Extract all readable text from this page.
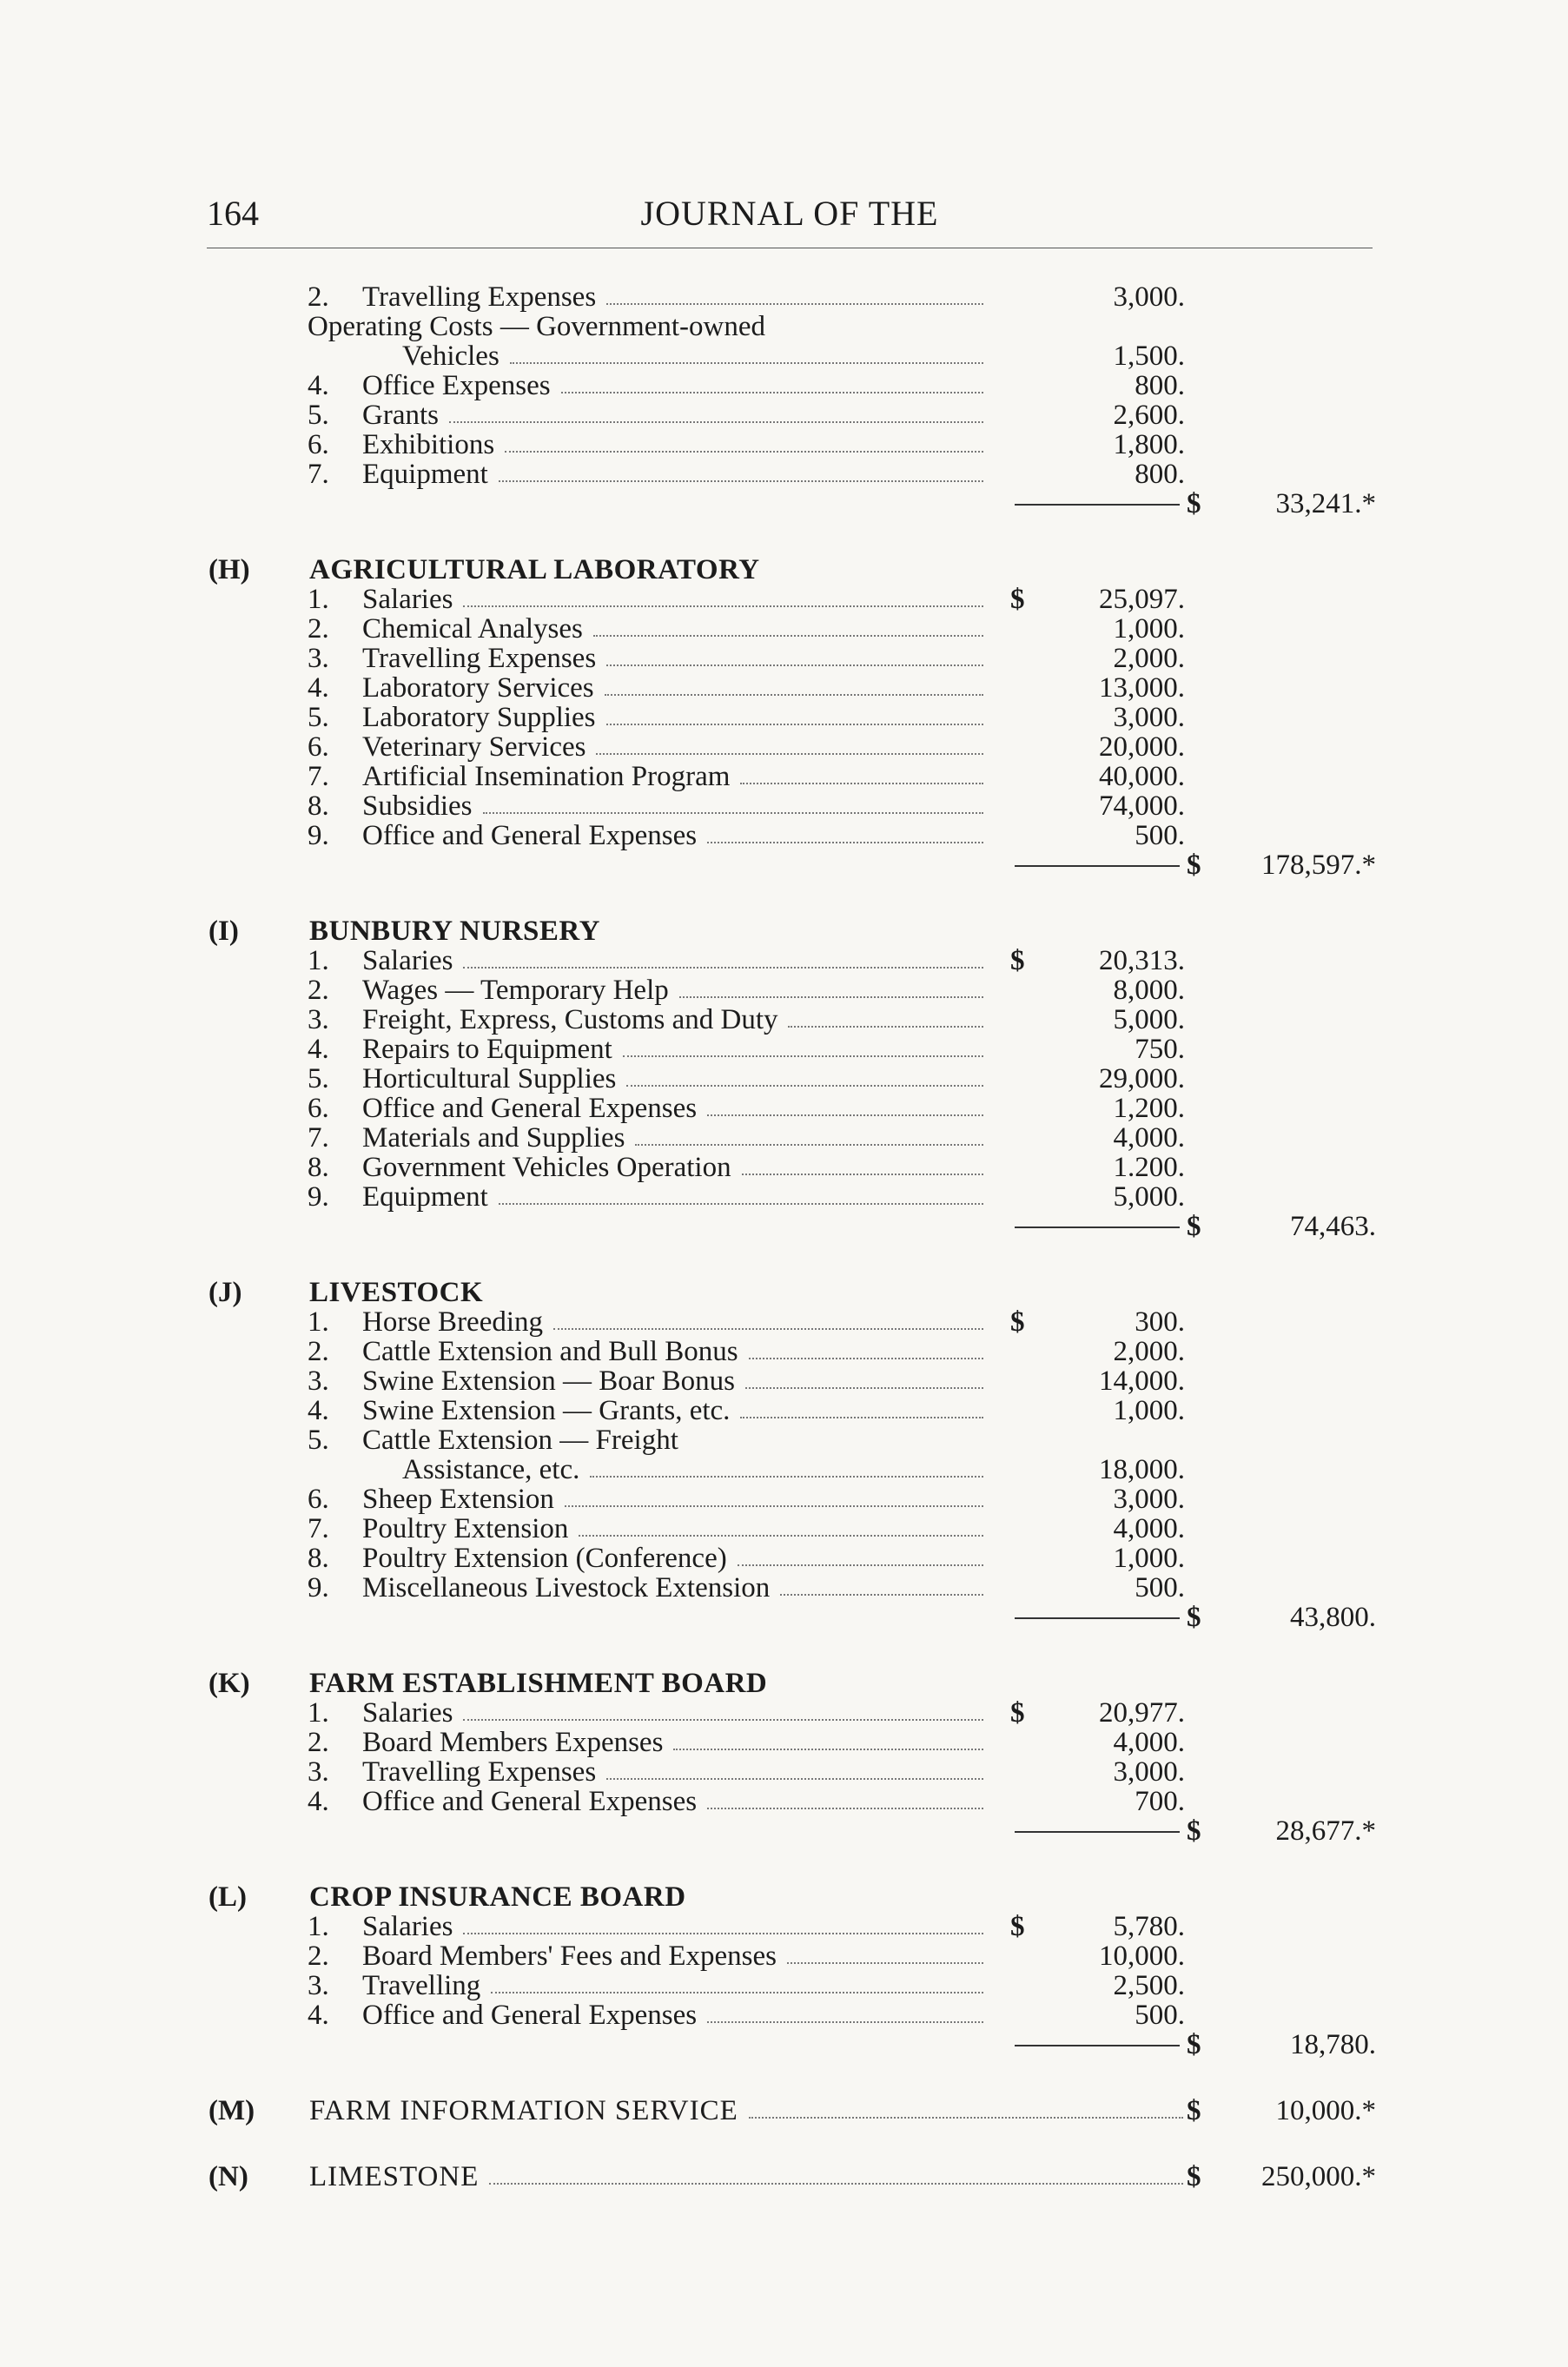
164	JOURNAL OF THE
2.	Travelling Expenses	3,000.
Operating Costs — Government-owned
Vehicles	1,500.
4.	Office Expenses	800.
5.	Grants	2,600.
6.	Exhibitions	1,800.
7.	Equipment	800.
$	33,241.*
(H) AGRICULTURAL LABORATORY
1.	Salaries	$	25,097.
2.	Chemical Analyses	1,000.
3.	Travelling Expenses	2,000.
4.	Laboratory Services	13,000.
5.	Laboratory Supplies	3,000.
6.	Veterinary Services	20,000.
7.	Artificial Insemination Program	40,000.
8.	Subsidies	74,000.
9.	Office and General Expenses	500.
$	178,597.*
(I) BUNBURY NURSERY
1.	Salaries	$	20,313.
2.	Wages — Temporary Help	8,000.
3.	Freight, Express, Customs and Duty	5,000.
4.	Repairs to Equipment	750.
5.	Horticultural Supplies	29,000.
6.	Office and General Expenses	1,200.
7.	Materials and Supplies	4,000.
8.	Government Vehicles Operation	1.200.
9.	Equipment	5,000.
$	74,463.
(J) LIVESTOCK
1.	Horse Breeding	$	300.
2.	Cattle Extension and Bull Bonus	2,000.
3.	Swine Extension — Boar Bonus	14,000.
4.	Swine Extension — Grants, etc.	1,000.
5.	Cattle Extension — Freight
Assistance, etc.	18,000.
6.	Sheep Extension	3,000.
7.	Poultry Extension	4,000.
8.	Poultry Extension (Conference)	1,000.
9.	Miscellaneous Livestock Extension	500.
$	43,800.
(K) FARM ESTABLISHMENT BOARD
1.	Salaries	$	20,977.
2.	Board Members Expenses	4,000.
3.	Travelling Expenses	3,000.
4.	Office and General Expenses	700.
$	28,677.*
(L) CROP INSURANCE BOARD
1.	Salaries	$	5,780.
2.	Board Members' Fees and Expenses	10,000.
3.	Travelling	2,500.
4.	Office and General Expenses	500.
$	18,780.
(M) FARM INFORMATION SERVICE	$	10,000.*
(N) LIMESTONE	$	250,000.*
